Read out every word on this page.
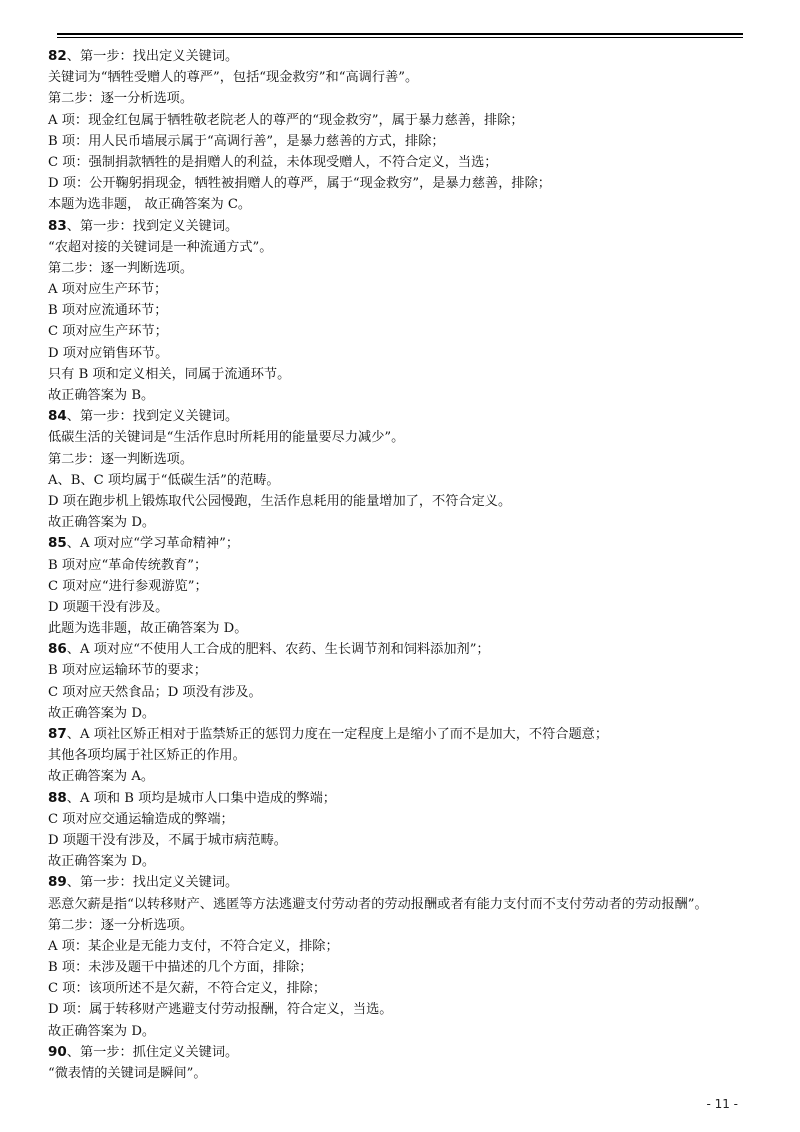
82、第一步：找出定义关键词。
关键词为“牺牲受赠人的尊严”，包括“现金救穷”和“高调行善”。
第二步：逐一分析选项。
A 项：现金红包属于牺牲敬老院老人的尊严的“现金救穷”，属于暴力慈善，排除；
B 项：用人民币墙展示属于“高调行善”，是暴力慈善的方式，排除；
C 项：强制捐款牺牲的是捐赠人的利益，未体现受赠人，不符合定义，当选；
D 项：公开鞠躬捐现金，牺牲被捐赠人的尊严，属于“现金救穷”，是暴力慈善，排除；
本题为选非题， 故正确答案为 C。
83、第一步：找到定义关键词。
“农超对接的关键词是一种流通方式”。
第二步：逐一判断选项。
A 项对应生产环节；
B 项对应流通环节；
C 项对应生产环节；
D 项对应销售环节。
只有 B 项和定义相关，同属于流通环节。
故正确答案为 B。
84、第一步：找到定义关键词。
低碳生活的关键词是“生活作息时所耗用的能量要尽力减少”。
第二步：逐一判断选项。
A、B、C 项均属于“低碳生活”的范畴。
D 项在跑步机上锻炼取代公园慢跑，生活作息耗用的能量增加了，不符合定义。
故正确答案为 D。
85、A 项对应“学习革命精神”；
B 项对应“革命传统教育”；
C 项对应“进行参观游览”；
D 项题干没有涉及。
此题为选非题，故正确答案为 D。
86、A 项对应“不使用人工合成的肥料、农药、生长调节剂和饲料添加剂”；
B 项对应运输环节的要求；
C 项对应天然食品；D 项没有涉及。
故正确答案为 D。
87、A 项社区矫正相对于监禁矫正的惩罚力度在一定程度上是缩小了而不是加大，不符合题意；
其他各项均属于社区矫正的作用。
故正确答案为 A。
88、A 项和 B 项均是城市人口集中造成的弊端；
C 项对应交通运输造成的弊端；
D 项题干没有涉及，不属于城市病范畴。
故正确答案为 D。
89、第一步：找出定义关键词。
恶意欠薪是指“以转移财产、逃匿等方法逃避支付劳动者的劳动报酬或者有能力支付而不支付劳动者的劳动报酬”。
第二步：逐一分析选项。
A 项：某企业是无能力支付，不符合定义，排除；
B 项：未涉及题干中描述的几个方面，排除；
C 项：该项所述不是欠薪，不符合定义，排除；
D 项：属于转移财产逃避支付劳动报酬，符合定义，当选。
故正确答案为 D。
90、第一步：抓住定义关键词。
“微表情的关键词是瞬间”。
- 11 -
